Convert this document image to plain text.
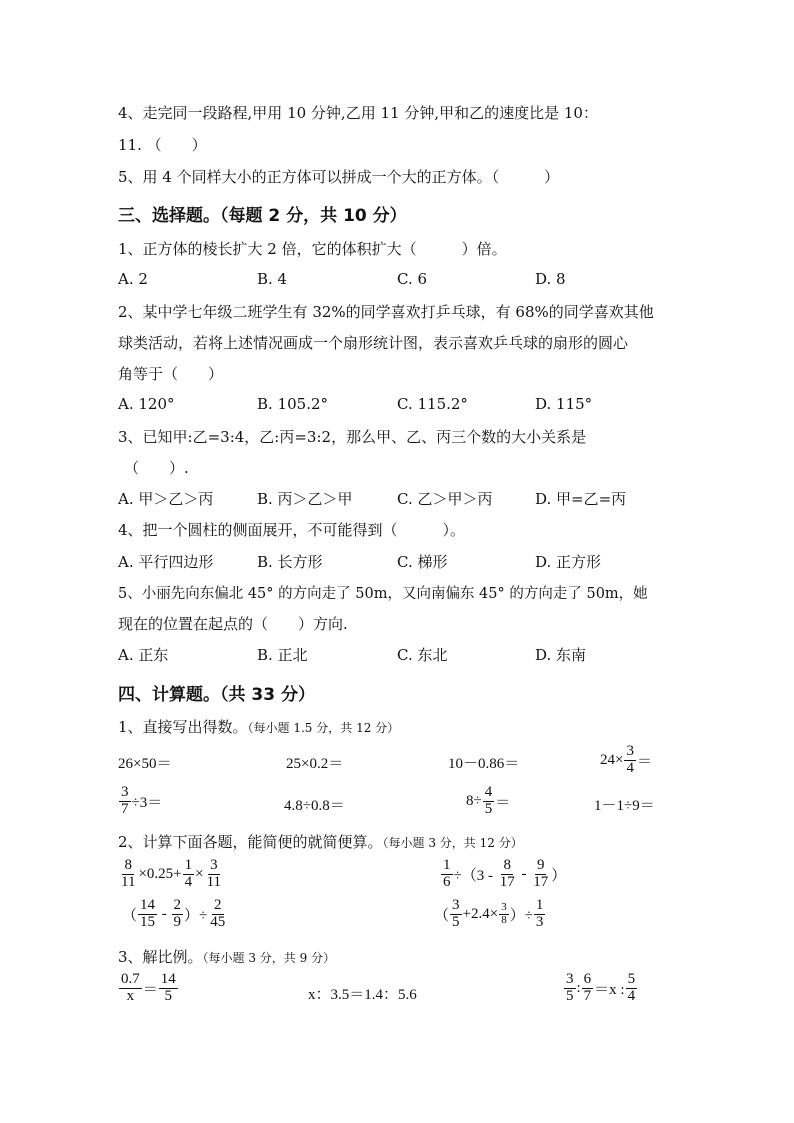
4、走完同一段路程,甲用 10 分钟,乙用 11 分钟,甲和乙的速度比是 10：
11. （　　）
5、用 4 个同样大小的正方体可以拼成一个大的正方体。（　　　）
三、选择题。（每题 2 分，共 10 分）
1、正方体的棱长扩大 2 倍，它的体积扩大（　　　）倍。
A. 2	B. 4	C. 6	D. 8
2、某中学七年级二班学生有 32%的同学喜欢打乒乓球，有 68%的同学喜欢其他
球类活动，若将上述情况画成一个扇形统计图，表示喜欢乒乓球的扇形的圆心
角等于（　　）
A. 120°	B. 105.2°	C. 115.2°	D. 115°
3、已知甲:乙=3:4，乙:丙=3:2，那么甲、乙、丙三个数的大小关系是
（　　）.
A. 甲＞乙＞丙	B. 丙＞乙＞甲	C. 乙＞甲＞丙	D. 甲=乙=丙
4、把一个圆柱的侧面展开，不可能得到（　　　）。
A. 平行四边形	B. 长方形	C. 梯形	D. 正方形
5、小丽先向东偏北 45° 的方向走了 50m，又向南偏东 45° 的方向走了 50m，她
现在的位置在起点的（　　）方向.
A. 正东	B. 正北	C. 东北	D. 东南
四、计算题。（共 33 分）
1、直接写出得数。（每小题 1.5 分，共 12 分）
26×50＝	25×0.2＝	10－0.86＝	$24\times \frac{3}{4}$ ＝
$\frac{3}{7} \div 3=$	4.8÷0.8＝	$8\div \frac{4}{5}$ ＝	1－1÷9＝
2、计算下面各题，能简便的就简便算。（每小题 3 分，共 12 分）
$\frac{8}{11} \times 0.25+ \frac{1}{4} \times \frac{3}{11}$	$\frac{1}{6} \div(3 - \frac{8}{17} - \frac{9}{17}$ ）
（ $\frac{14}{15} - \frac{2}{9}$ ）÷ $\frac{2}{45}$	（ $\frac{3}{5} +2.4\times \frac{3}{8}$ ）÷ $\frac{1}{3}$
3、解比例。（每小题 3 分，共 9 分）
$\frac{0.7}{x} = \frac{14}{5}$	x：3.5＝1.4：5.6	$\frac{3}{5}$ : $\frac{6}{7} =x$ : $\frac{5}{4}$
